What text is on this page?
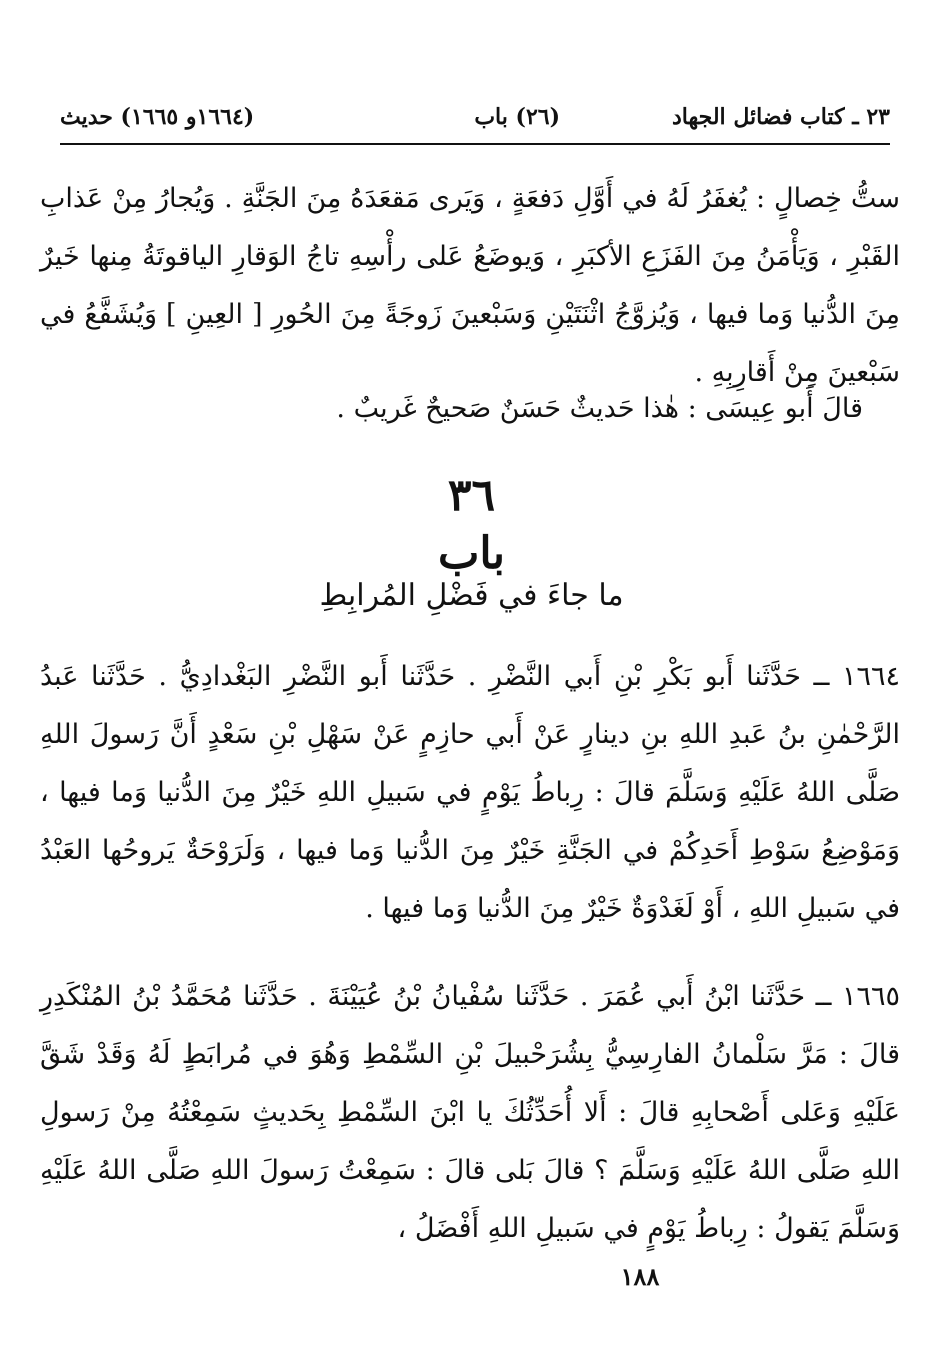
٢٣ ـ كتاب فضائل الجهاد
(٢٦) باب
(١٦٦٤و ١٦٦٥) حديث

ستُّ خِصالٍ : يُغفَرُ لَهُ في أَوَّلِ دَفعَةٍ ، وَيَرى مَقعَدَهُ مِنَ الجَنَّةِ . وَيُجارُ مِنْ عَذابِ القَبْرِ ، وَيَأْمَنُ مِنَ الفَزَعِ الأكبَرِ ، وَيوضَعُ عَلى رأْسِهِ تاجُ الوَقارِ الياقوتَةُ مِنها خَيرٌ مِنَ الدُّنيا وَما فيها ، وَيُزوَّجُ اثْنَتَيْنِ وَسَبْعينَ زَوجَةً مِنَ الحُورِ [ العِينِ ] وَيُشَفَّعُ في سَبْعينَ مِنْ أَقارِبِهِ .

قالَ أَبو عِيسَى : هٰذا حَديثٌ حَسَنٌ صَحيحٌ غَريبٌ .
٣٦
باب
ما جاءَ في فَضْلِ المُرابِطِ

١٦٦٤ ــ حَدَّثَنا أَبو بَكْرِ بْنِ أَبي النَّضْرِ . حَدَّثَنا أَبو النَّضْرِ البَغْدادِيُّ . حَدَّثَنا عَبدُ الرَّحْمٰنِ بنُ عَبدِ اللهِ بنِ دينارٍ عَنْ أَبي حازِمٍ عَنْ سَهْلِ بْنِ سَعْدٍ أَنَّ رَسولَ اللهِ صَلَّى اللهُ عَلَيْهِ وَسَلَّمَ قالَ : رِباطُ يَوْمٍ في سَبيلِ اللهِ خَيْرٌ مِنَ الدُّنيا وَما فيها ، وَمَوْضِعُ سَوْطِ أَحَدِكُمْ في الجَنَّةِ خَيْرٌ مِنَ الدُّنيا وَما فيها ، وَلَرَوْحَةٌ يَروحُها العَبْدُ في سَبيلِ اللهِ ، أَوْ لَغَدْوَةٌ خَيْرٌ مِنَ الدُّنيا وَما فيها .

١٦٦٥ ــ حَدَّثَنا ابْنُ أَبي عُمَرَ . حَدَّثَنا سُفْيانُ بْنُ عُيَيْنَةَ . حَدَّثَنا مُحَمَّدُ بْنُ المُنْكَدِرِ قالَ : مَرَّ سَلْمانُ الفارِسِيُّ بِشُرَحْبيلَ بْنِ السِّمْطِ وَهُوَ في مُرابَطٍ لَهُ وَقَدْ شَقَّ عَلَيْهِ وَعَلى أَصْحابِهِ قالَ : أَلا أُحَدِّثُكَ يا ابْنَ السِّمْطِ بِحَديثٍ سَمِعْتُهُ مِنْ رَسولِ اللهِ صَلَّى اللهُ عَلَيْهِ وَسَلَّمَ ؟ قالَ بَلى قالَ : سَمِعْتُ رَسولَ اللهِ صَلَّى اللهُ عَلَيْهِ وَسَلَّمَ يَقولُ : رِباطُ يَوْمٍ في سَبيلِ اللهِ أَفْضَلُ ،

١٨٨
